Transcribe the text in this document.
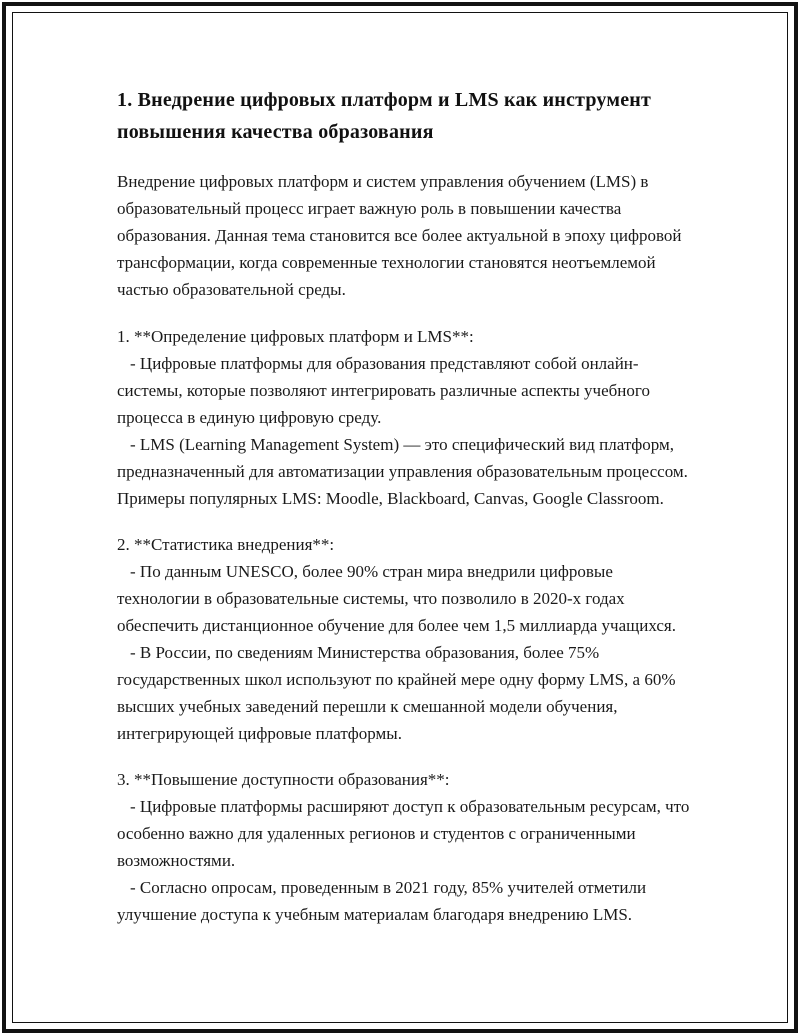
1. Внедрение цифровых платформ и LMS как инструмент повышения качества образования

Внедрение цифровых платформ и систем управления обучением (LMS) в образовательный процесс играет важную роль в повышении качества образования. Данная тема становится все более актуальной в эпоху цифровой трансформации, когда современные технологии становятся неотъемлемой частью образовательной среды.

1. **Определение цифровых платформ и LMS**:

- Цифровые платформы для образования представляют собой онлайн-системы, которые позволяют интегрировать различные аспекты учебного процесса в единую цифровую среду.

- LMS (Learning Management System) — это специфический вид платформ, предназначенный для автоматизации управления образовательным процессом. Примеры популярных LMS: Moodle, Blackboard, Canvas, Google Classroom.

2. **Статистика внедрения**:

- По данным UNESCO, более 90% стран мира внедрили цифровые технологии в образовательные системы, что позволило в 2020-х годах обеспечить дистанционное обучение для более чем 1,5 миллиарда учащихся.

- В России, по сведениям Министерства образования, более 75% государственных школ используют по крайней мере одну форму LMS, а 60% высших учебных заведений перешли к смешанной модели обучения, интегрирующей цифровые платформы.

3. **Повышение доступности образования**:

- Цифровые платформы расширяют доступ к образовательным ресурсам, что особенно важно для удаленных регионов и студентов с ограниченными возможностями.

- Согласно опросам, проведенным в 2021 году, 85% учителей отметили улучшение доступа к учебным материалам благодаря внедрению LMS.
